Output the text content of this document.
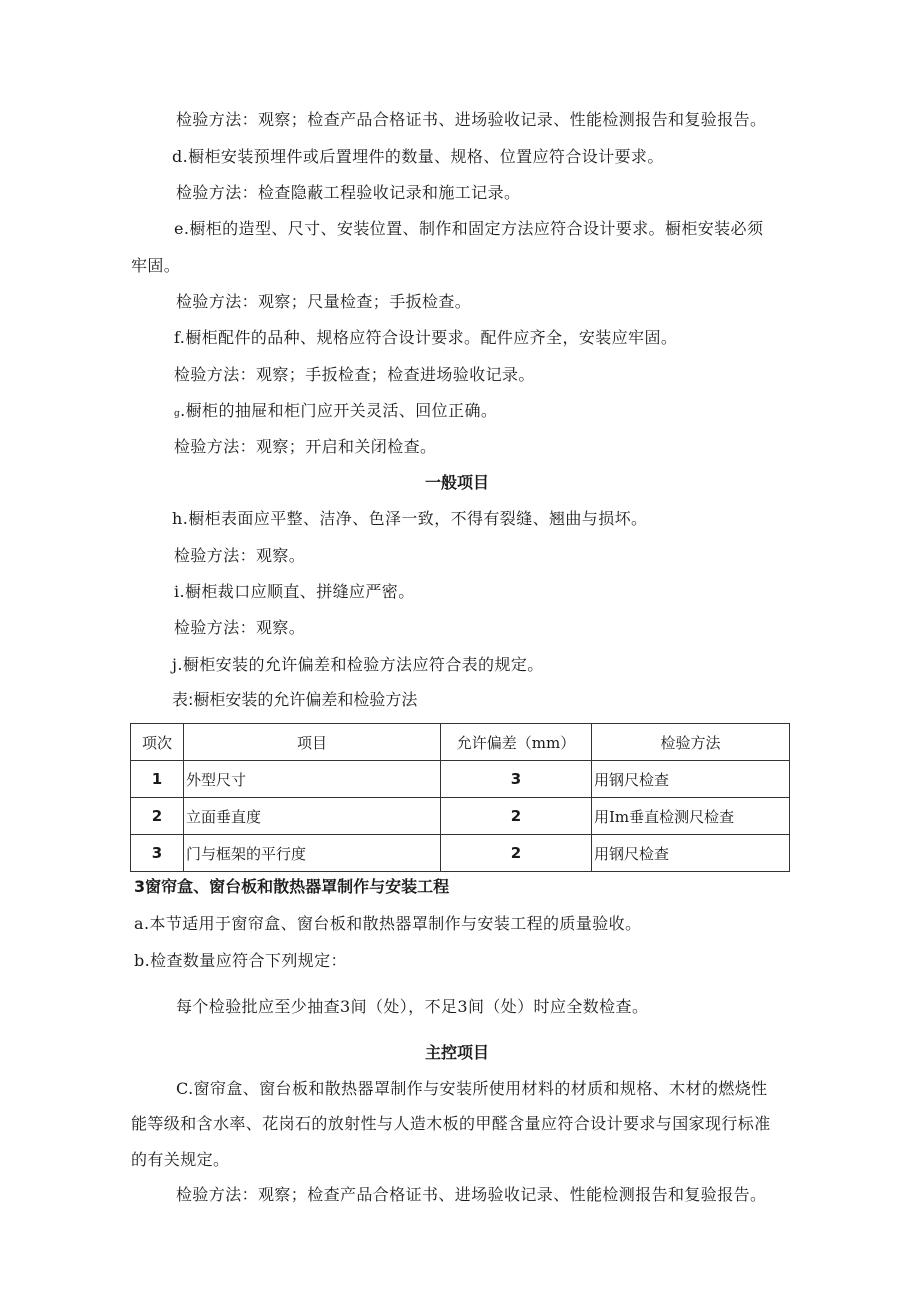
检验方法：观察；检查产品合格证书、进场验收记录、性能检测报告和复验报告。
d.橱柜安装预埋件或后置埋件的数量、规格、位置应符合设计要求。
检验方法：检查隐蔽工程验收记录和施工记录。
e.橱柜的造型、尺寸、安装位置、制作和固定方法应符合设计要求。橱柜安装必须
牢固。
检验方法：观察；尺量检查；手扳检查。
f.橱柜配件的品种、规格应符合设计要求。配件应齐全，安装应牢固。
检验方法：观察；手扳检查；检查进场验收记录。
g.橱柜的抽屉和柜门应开关灵活、回位正确。
检验方法：观察；开启和关闭检查。
一般项目
h.橱柜表面应平整、洁净、色泽一致，不得有裂缝、翘曲与损坏。
检验方法：观察。
i.橱柜裁口应顺直、拼缝应严密。
检验方法：观察。
j.橱柜安装的允许偏差和检验方法应符合表的规定。
表:橱柜安装的允许偏差和检验方法
项次	项目	允许偏差（mm）	检验方法
1	外型尺寸	3	用钢尺检查
2	立面垂直度	2	用Im垂直检测尺检查
3	门与框架的平行度	2	用钢尺检查
3窗帘盒、窗台板和散热器罩制作与安装工程
a.本节适用于窗帘盒、窗台板和散热器罩制作与安装工程的质量验收。
b.检查数量应符合下列规定：
每个检验批应至少抽查3间（处），不足3间（处）时应全数检查。
主控项目
C.窗帘盒、窗台板和散热器罩制作与安装所使用材料的材质和规格、木材的燃烧性
能等级和含水率、花岗石的放射性与人造木板的甲醛含量应符合设计要求与国家现行标准
的有关规定。
检验方法：观察；检查产品合格证书、进场验收记录、性能检测报告和复验报告。
